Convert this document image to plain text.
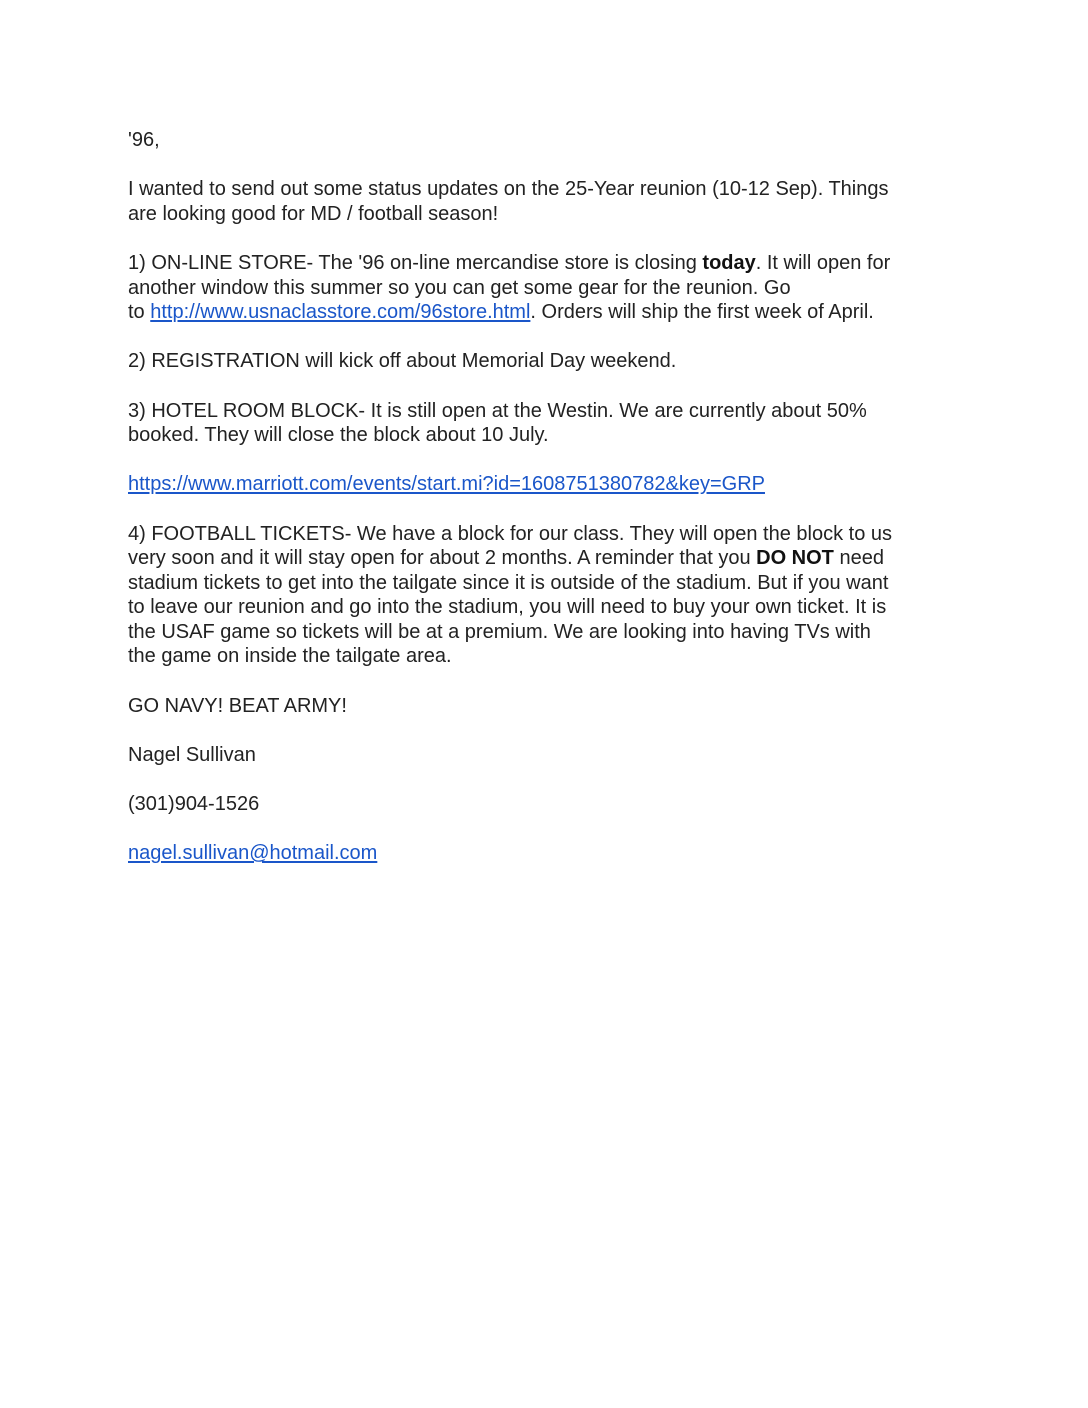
'96,

I wanted to send out some status updates on the 25-Year reunion (10-12 Sep). Things
are looking good for MD / football season!

1) ON-LINE STORE- The '96 on-line mercandise store is closing today. It will open for
another window this summer so you can get some gear for the reunion. Go
to http://www.usnaclasstore.com/96store.html. Orders will ship the first week of April.

2) REGISTRATION will kick off about Memorial Day weekend.

3) HOTEL ROOM BLOCK- It is still open at the Westin. We are currently about 50%
booked. They will close the block about 10 July.

https://www.marriott.com/events/start.mi?id=1608751380782&key=GRP

4) FOOTBALL TICKETS- We have a block for our class. They will open the block to us
very soon and it will stay open for about 2 months. A reminder that you DO NOT need
stadium tickets to get into the tailgate since it is outside of the stadium. But if you want
to leave our reunion and go into the stadium, you will need to buy your own ticket. It is
the USAF game so tickets will be at a premium. We are looking into having TVs with
the game on inside the tailgate area.

GO NAVY! BEAT ARMY!

Nagel Sullivan

(301)904-1526

nagel.sullivan@hotmail.com
